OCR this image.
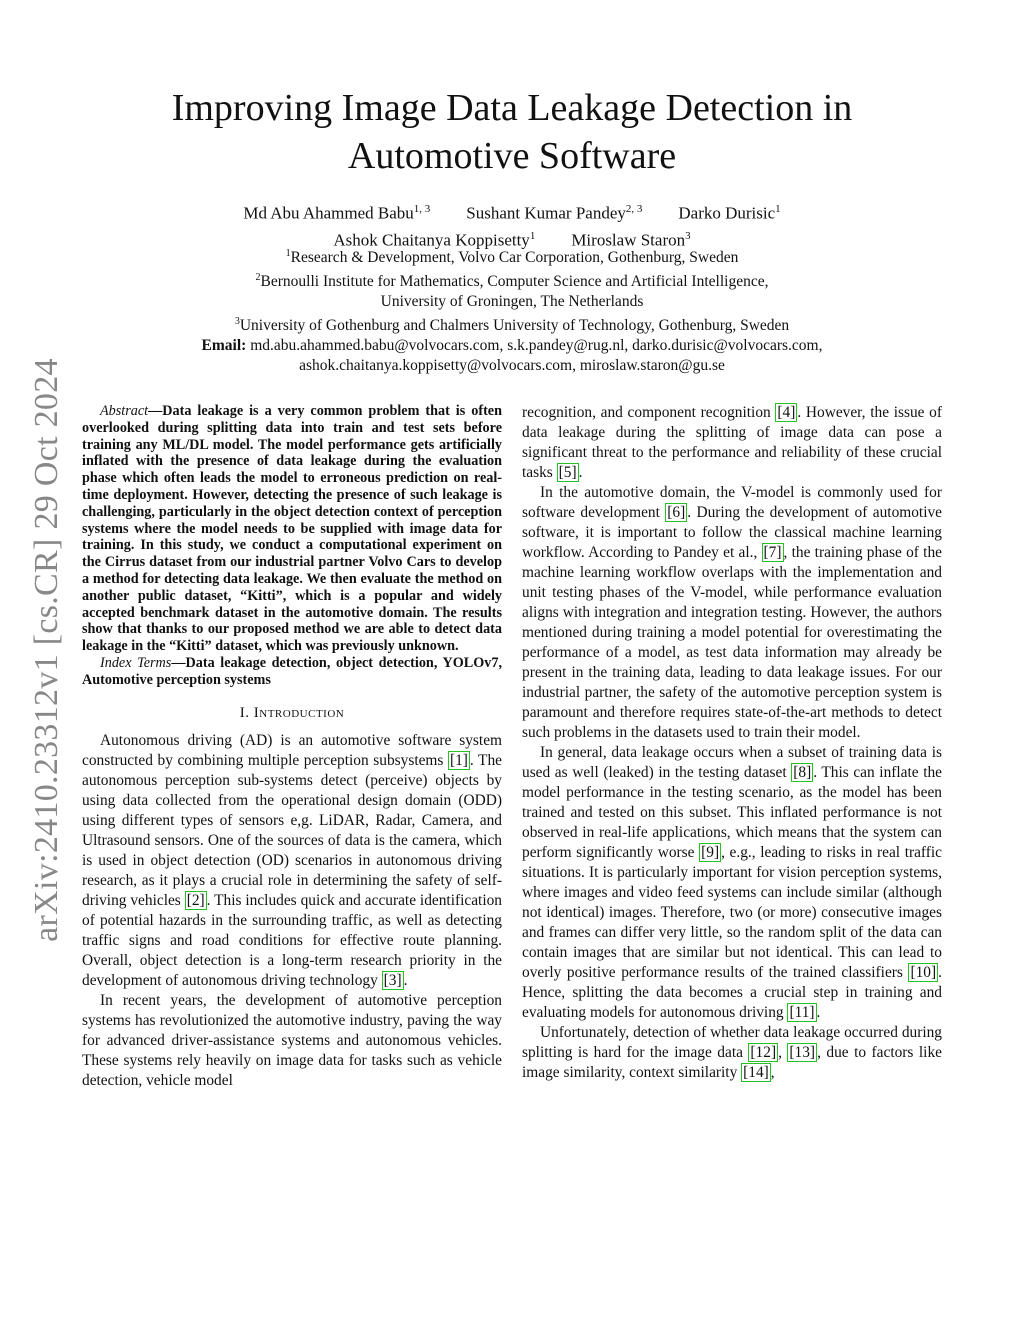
arXiv:2410.23312v1 [cs.CR] 29 Oct 2024
Improving Image Data Leakage Detection in
Automotive Software
Md Abu Ahammed Babu$^{1, 3}$ Sushant Kumar Pandey$^{2, 3}$ Darko Durisic$^1$
Ashok Chaitanya Koppisetty$^1$ Miroslaw Staron$^3$
$^1$Research & Development, Volvo Car Corporation, Gothenburg, Sweden
$^2$Bernoulli Institute for Mathematics, Computer Science and Artificial Intelligence,
University of Groningen, The Netherlands
$^3$University of Gothenburg and Chalmers University of Technology, Gothenburg, Sweden
Email: md.abu.ahammed.babu@volvocars.com, s.k.pandey@rug.nl, darko.durisic@volvocars.com,
ashok.chaitanya.koppisetty@volvocars.com, miroslaw.staron@gu.se

Abstract—Data leakage is a very common problem that is often overlooked during splitting data into train and test sets before training any ML/DL model. The model performance gets artificially inflated with the presence of data leakage during the evaluation phase which often leads the model to erroneous prediction on real-time deployment. However, detecting the presence of such leakage is challenging, particularly in the object detection context of perception systems where the model needs to be supplied with image data for training. In this study, we conduct a computational experiment on the Cirrus dataset from our industrial partner Volvo Cars to develop a method for detecting data leakage. We then evaluate the method on another public dataset, “Kitti”, which is a popular and widely accepted benchmark dataset in the automotive domain. The results show that thanks to our proposed method we are able to detect data leakage in the “Kitti” dataset, which was previously unknown.

Index Terms—Data leakage detection, object detection, YOLOv7, Automotive perception systems

I. Introduction

Autonomous driving (AD) is an automotive software system constructed by combining multiple perception subsystems [1] . The autonomous perception sub-systems detect (perceive) objects by using data collected from the operational design domain (ODD) using different types of sensors e,g. LiDAR, Radar, Camera, and Ultrasound sensors. One of the sources of data is the camera, which is used in object detection (OD) scenarios in autonomous driving research, as it plays a crucial role in determining the safety of self-driving vehicles [2] . This includes quick and accurate identification of potential hazards in the surrounding traffic, as well as detecting traffic signs and road conditions for effective route planning. Overall, object detection is a long-term research priority in the development of autonomous driving technology [3] .

In recent years, the development of automotive perception systems has revolutionized the automotive industry, paving the way for advanced driver-assistance systems and autonomous vehicles. These systems rely heavily on image data for tasks such as vehicle detection, vehicle model

recognition, and component recognition [4] . However, the issue of data leakage during the splitting of image data can pose a significant threat to the performance and reliability of these crucial tasks [5] .

In the automotive domain, the V-model is commonly used for software development [6] . During the development of automotive software, it is important to follow the classical machine learning workflow. According to Pandey et al., [7] , the training phase of the machine learning workflow overlaps with the implementation and unit testing phases of the V-model, while performance evaluation aligns with integration and integration testing. However, the authors mentioned during training a model potential for overestimating the performance of a model, as test data information may already be present in the training data, leading to data leakage issues. For our industrial partner, the safety of the automotive perception system is paramount and therefore requires state-of-the-art methods to detect such problems in the datasets used to train their model.

In general, data leakage occurs when a subset of training data is used as well (leaked) in the testing dataset [8] . This can inflate the model performance in the testing scenario, as the model has been trained and tested on this subset. This inflated performance is not observed in real-life applications, which means that the system can perform significantly worse [9] , e.g., leading to risks in real traffic situations. It is particularly important for vision perception systems, where images and video feed systems can include similar (although not identical) images. Therefore, two (or more) consecutive images and frames can differ very little, so the random split of the data can contain images that are similar but not identical. This can lead to overly positive performance results of the trained classifiers [10] . Hence, splitting the data becomes a crucial step in training and evaluating models for autonomous driving [11] .

Unfortunately, detection of whether data leakage occurred during splitting is hard for the image data [12] , [13] , due to factors like image similarity, context similarity [14] ,
